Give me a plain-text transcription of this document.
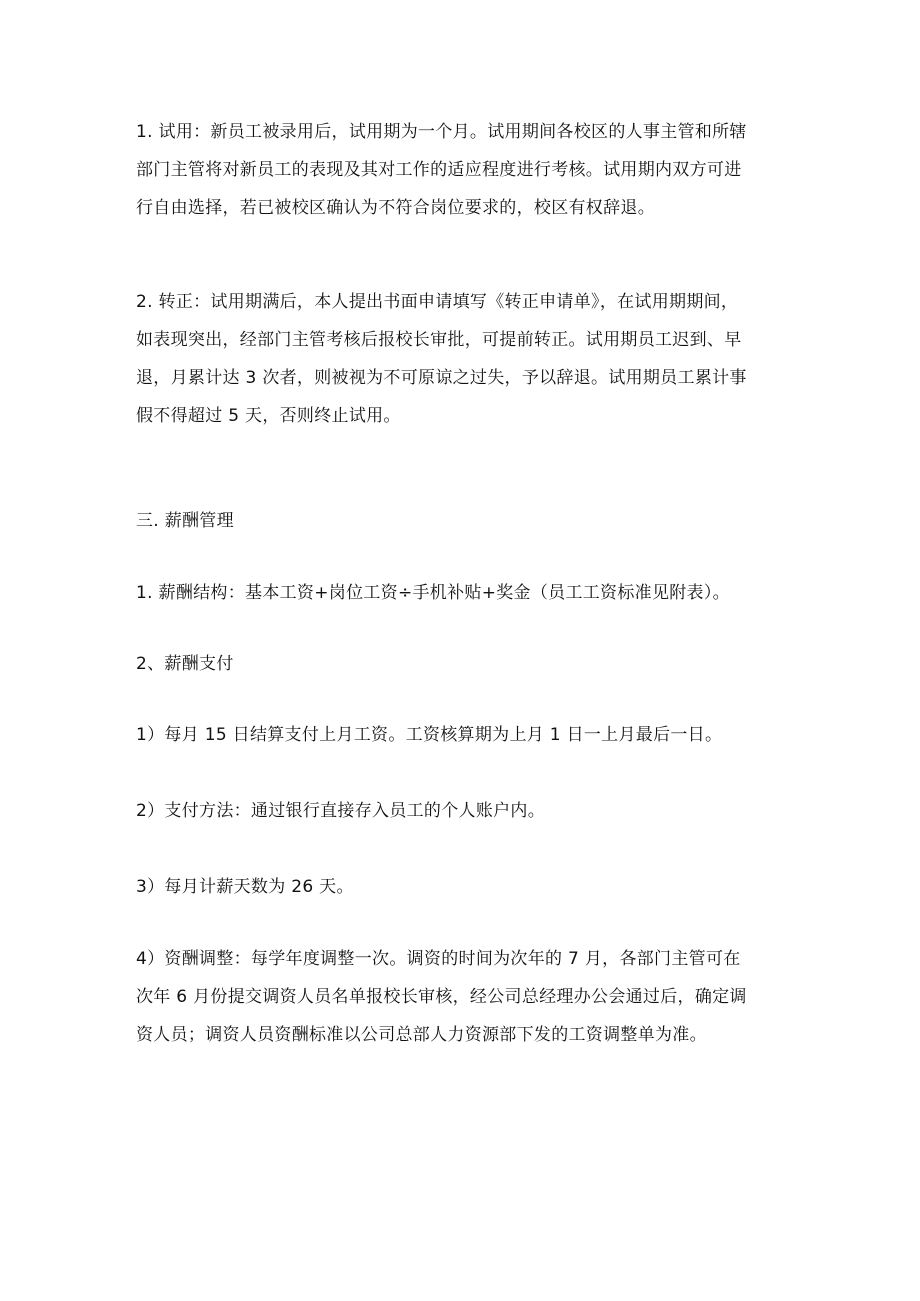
1. 试用：新员工被录用后，试用期为一个月。试用期间各校区的人事主管和所辖
部门主管将对新员工的表现及其对工作的适应程度进行考核。试用期内双方可进
行自由选择，若已被校区确认为不符合岗位要求的，校区有权辞退。

2. 转正：试用期满后，本人提出书面申请填写《转正申请单》，在试用期期间，
如表现突出，经部门主管考核后报校长审批，可提前转正。试用期员工迟到、早
退，月累计达 3 次者，则被视为不可原谅之过失，予以辞退。试用期员工累计事
假不得超过 5 天，否则终止试用。

三. 薪酬管理

1. 薪酬结构：基本工资+岗位工资÷手机补贴+奖金（员工工资标准见附表）。

2、薪酬支付

1）每月 15 日结算支付上月工资。工资核算期为上月 1 日一上月最后一日。

2）支付方法：通过银行直接存入员工的个人账户内。

3）每月计薪天数为 26 天。

4）资酬调整：每学年度调整一次。调资的时间为次年的 7 月，各部门主管可在
次年 6 月份提交调资人员名单报校长审核，经公司总经理办公会通过后，确定调
资人员；调资人员资酬标准以公司总部人力资源部下发的工资调整单为准。
